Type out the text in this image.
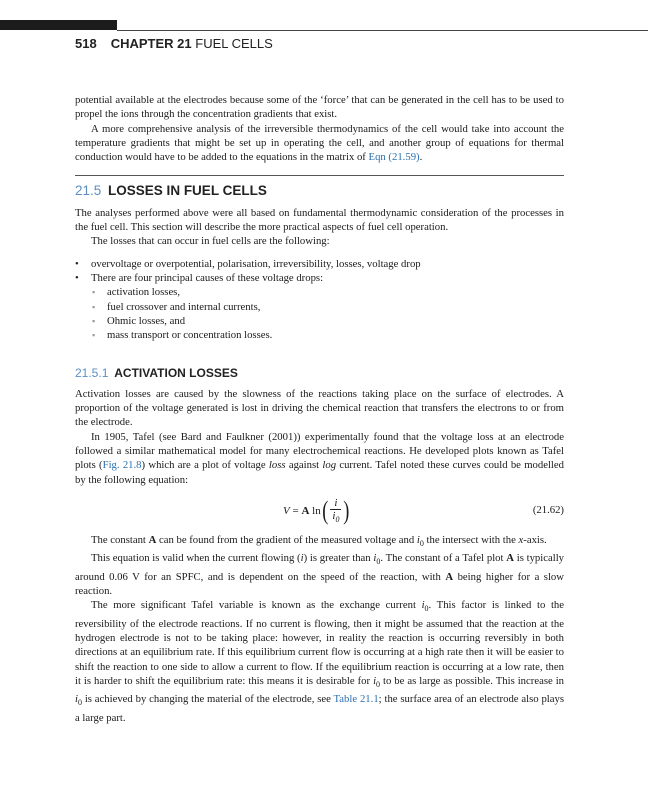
518 CHAPTER 21 FUEL CELLS

potential available at the electrodes because some of the ‘force’ that can be generated in the cell has to be used to propel the ions through the concentration gradients that exist.

A more comprehensive analysis of the irreversible thermodynamics of the cell would take into account the temperature gradients that might be set up in operating the cell, and another group of equations for thermal conduction would have to be added to the equations in the matrix of Eqn (21.59).

21.5 LOSSES IN FUEL CELLS

The analyses performed above were all based on fundamental thermodynamic consideration of the processes in the fuel cell. This section will describe the more practical aspects of fuel cell operation.

The losses that can occur in fuel cells are the following:

• overvoltage or overpotential, polarisation, irreversibility, losses, voltage drop
• There are four principal causes of these voltage drops:
▪ activation losses,
▪ fuel crossover and internal currents,
▪ Ohmic losses, and
▪ mass transport or concentration losses.
21.5.1 ACTIVATION LOSSES

Activation losses are caused by the slowness of the reactions taking place on the surface of electrodes. A proportion of the voltage generated is lost in driving the chemical reaction that transfers the electrons to or from the electrode.

In 1905, Tafel (see Bard and Faulkner (2001)) experimentally found that the voltage loss at an electrode followed a similar mathematical model for many electrochemical reactions. He developed plots known as Tafel plots (Fig. 21.8) which are a plot of voltage loss against log current. Tafel noted these curves could be modelled by the following equation:

V = A $\ln( \frac{i}{i_0}$ )	(21.62)

The constant A can be found from the gradient of the measured voltage and $i_0$ the intersect with the x-axis.

This equation is valid when the current flowing (i) is greater than $i_0$. The constant of a Tafel plot A is typically around 0.06 V for an SPFC, and is dependent on the speed of the reaction, with A being higher for a slow reaction.

The more significant Tafel variable is known as the exchange current $i_0$. This factor is linked to the reversibility of the electrode reactions. If no current is flowing, then it might be assumed that the reaction at the hydrogen electrode is not to be taking place: however, in reality the reaction is occurring reversibly in both directions at an equilibrium rate. If this equilibrium current flow is occurring at a high rate then it will be easier to shift the reaction to one side to allow a current to flow. If the equilibrium reaction is occurring at a low rate, then it is harder to shift the equilibrium rate: this means it is desirable for $i_0$ to be as large as possible. This increase in $i_0$ is achieved by changing the material of the electrode, see Table 21.1; the surface area of an electrode also plays a large part.
